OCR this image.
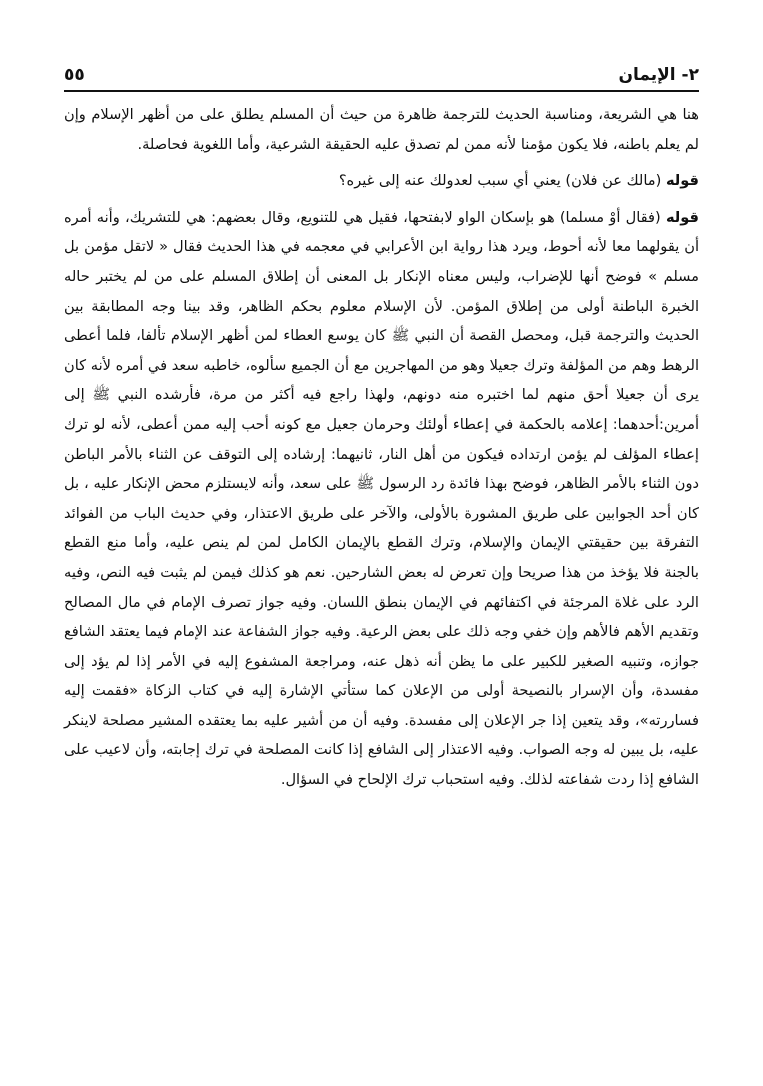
٢- الإيمان
٥٥

هنا هي الشريعة، ومناسبة الحديث للترجمة ظاهرة من حيث أن المسلم يطلق على من أظهر الإسلام وإن لم يعلم باطنه، فلا يكون مؤمنا لأنه ممن لم تصدق عليه الحقيقة الشرعية، وأما اللغوية فحاصلة.

قوله (مالك عن فلان) يعني أي سبب لعدولك عنه إلى غيره؟

قوله (فقال أوْ مسلما) هو بإسكان الواو لابفتحها، فقيل هي للتنويع، وقال بعضهم: هي للتشريك، وأنه أمره أن يقولهما معا لأنه أحوط، ويرد هذا رواية ابن الأعرابي في معجمه في هذا الحديث فقال « لاتقل مؤمن بل مسلم » فوضح أنها للإضراب، وليس معناه الإنكار بل المعنى أن إطلاق المسلم على من لم يختبر حاله الخبرة الباطنة أولى من إطلاق المؤمن. لأن الإسلام معلوم بحكم الظاهر، وقد بينا وجه المطابقة بين الحديث والترجمة قبل، ومحصل القصة أن النبي ﷺ كان يوسع العطاء لمن أظهر الإسلام تألفا، فلما أعطى الرهط وهم من المؤلفة وترك جعيلا وهو من المهاجرين مع أن الجميع سألوه، خاطبه سعد في أمره لأنه كان يرى أن جعيلا أحق منهم لما اختبره منه دونهم، ولهذا راجع فيه أكثر من مرة، فأرشده النبي ﷺ إلى أمرين:أحدهما: إعلامه بالحكمة في إعطاء أولئك وحرمان جعيل مع كونه أحب إليه ممن أعطى، لأنه لو ترك إعطاء المؤلف لم يؤمن ارتداده فيكون من أهل النار، ثانيهما: إرشاده إلى التوقف عن الثناء بالأمر الباطن دون الثناء بالأمر الظاهر، فوضح بهذا فائدة رد الرسول ﷺ على سعد، وأنه لايستلزم محض الإنكار عليه ، بل كان أحد الجوابين على طريق المشورة بالأولى، والآخر على طريق الاعتذار، وفي حديث الباب من الفوائد التفرقة بين حقيقتي الإيمان والإسلام، وترك القطع بالإيمان الكامل لمن لم ينص عليه، وأما منع القطع بالجنة فلا يؤخذ من هذا صريحا وإن تعرض له بعض الشارحين. نعم هو كذلك فيمن لم يثبت فيه النص، وفيه الرد على غلاة المرجئة في اكتفائهم في الإيمان بنطق اللسان. وفيه جواز تصرف الإمام في مال المصالح وتقديم الأهم فالأهم وإن خفي وجه ذلك على بعض الرعية. وفيه جواز الشفاعة عند الإمام فيما يعتقد الشافع جوازه، وتنبيه الصغير للكبير على ما يظن أنه ذهل عنه، ومراجعة المشفوع إليه في الأمر إذا لم يؤد إلى مفسدة، وأن الإسرار بالنصيحة أولى من الإعلان كما ستأتي الإشارة إليه في كتاب الزكاة «فقمت إليه فساررته»، وقد يتعين إذا جر الإعلان إلى مفسدة. وفيه أن من أشير عليه بما يعتقده المشير مصلحة لاينكر عليه، بل يبين له وجه الصواب. وفيه الاعتذار إلى الشافع إذا كانت المصلحة في ترك إجابته، وأن لاعيب على الشافع إذا ردت شفاعته لذلك. وفيه استحباب ترك الإلحاح في السؤال.
